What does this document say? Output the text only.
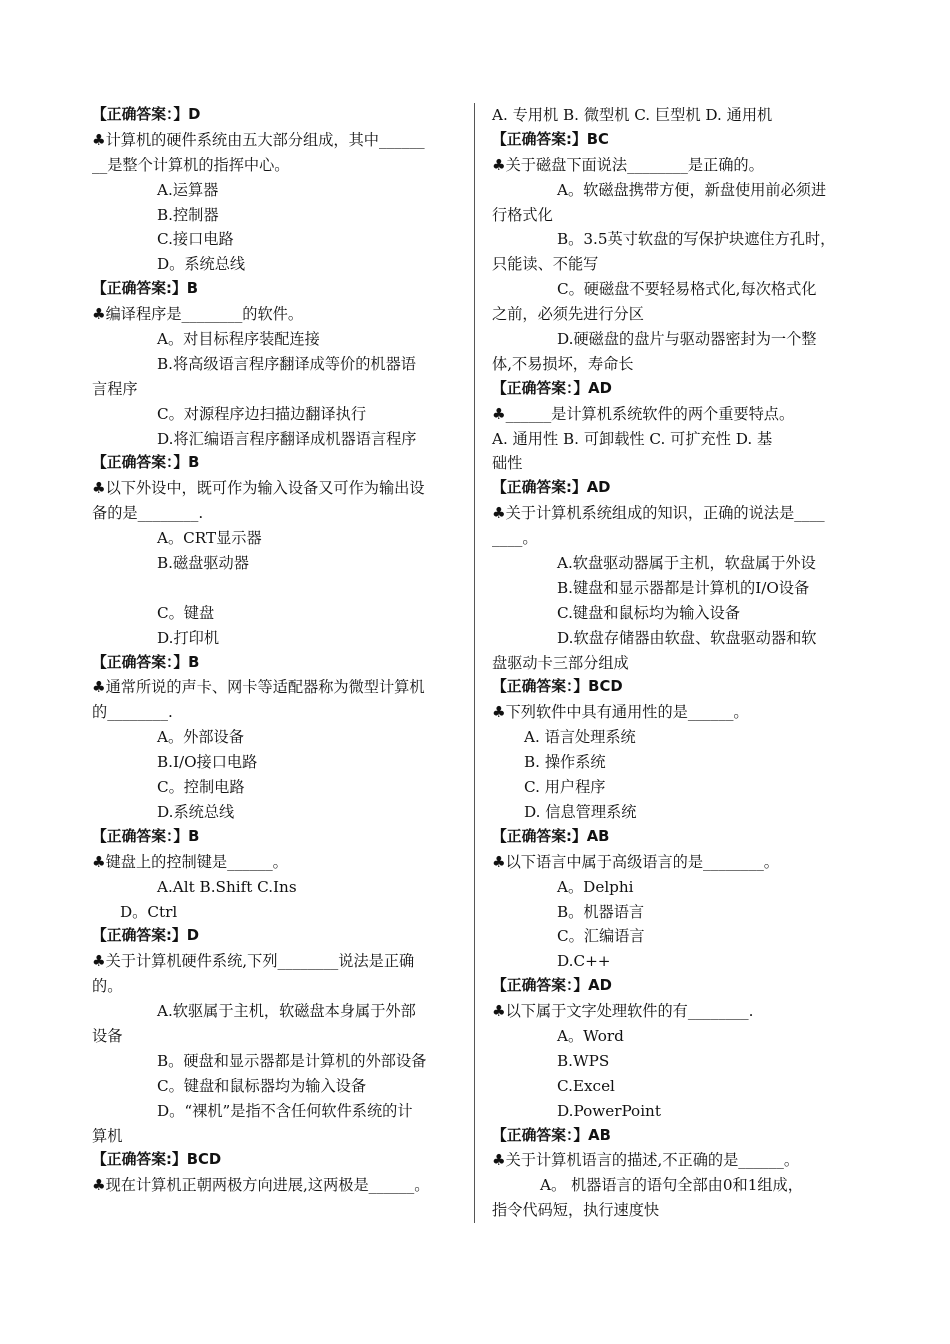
【正确答案：】D
♣计算机的硬件系统由五大部分组成，其中______
__是整个计算机的指挥中心。
A.运算器
B.控制器
C.接口电路
D。系统总线
【正确答案:】B
♣编译程序是________的软件。
A。对目标程序装配连接
B.将高级语言程序翻译成等价的机器语
言程序
C。对源程序边扫描边翻译执行
D.将汇编语言程序翻译成机器语言程序
【正确答案：】B
♣以下外设中，既可作为输入设备又可作为输出设
备的是________.
A。CRT显示器
B.磁盘驱动器
C。键盘
D.打印机
【正确答案：】B
♣通常所说的声卡、网卡等适配器称为微型计算机
的________.
A。外部设备
B.I/O接口电路
C。控制电路
D.系统总线
【正确答案：】B
♣键盘上的控制键是______。
A.Alt B.Shift C.Ins
D。Ctrl
【正确答案:】D
♣关于计算机硬件系统,下列________说法是正确
的。
A.软驱属于主机，软磁盘本身属于外部
设备
B。硬盘和显示器都是计算机的外部设备
C。键盘和鼠标器均为输入设备
D。“裸机”是指不含任何软件系统的计
算机
【正确答案:】BCD
♣现在计算机正朝两极方向进展,这两极是______。
A. 专用机 B. 微型机 C. 巨型机 D. 通用机
【正确答案:】BC
♣关于磁盘下面说法________是正确的。
A。软磁盘携带方便，新盘使用前必须进
行格式化
B。3.5英寸软盘的写保护块遮住方孔时，
只能读、不能写
C。硬磁盘不要轻易格式化,每次格式化
之前，必须先进行分区
D.硬磁盘的盘片与驱动器密封为一个整
体,不易损坏，寿命长
【正确答案：】AD
♣______是计算机系统软件的两个重要特点。
A. 通用性 B. 可卸载性 C. 可扩充性 D. 基
础性
【正确答案:】AD
♣关于计算机系统组成的知识，正确的说法是____
____。
A.软盘驱动器属于主机，软盘属于外设
B.键盘和显示器都是计算机的I/O设备
C.键盘和鼠标均为输入设备
D.软盘存储器由软盘、软盘驱动器和软
盘驱动卡三部分组成
【正确答案：】BCD
♣下列软件中具有通用性的是______。
A. 语言处理系统
B. 操作系统
C. 用户程序
D. 信息管理系统
【正确答案:】AB
♣以下语言中属于高级语言的是________。
A。Delphi
B。机器语言
C。汇编语言
D.C++
【正确答案：】AD
♣以下属于文字处理软件的有________.
A。Word
B.WPS
C.Excel
D.PowerPoint
【正确答案：】AB
♣关于计算机语言的描述,不正确的是______。
A。 机器语言的语句全部由0和1组成，
指令代码短，执行速度快
